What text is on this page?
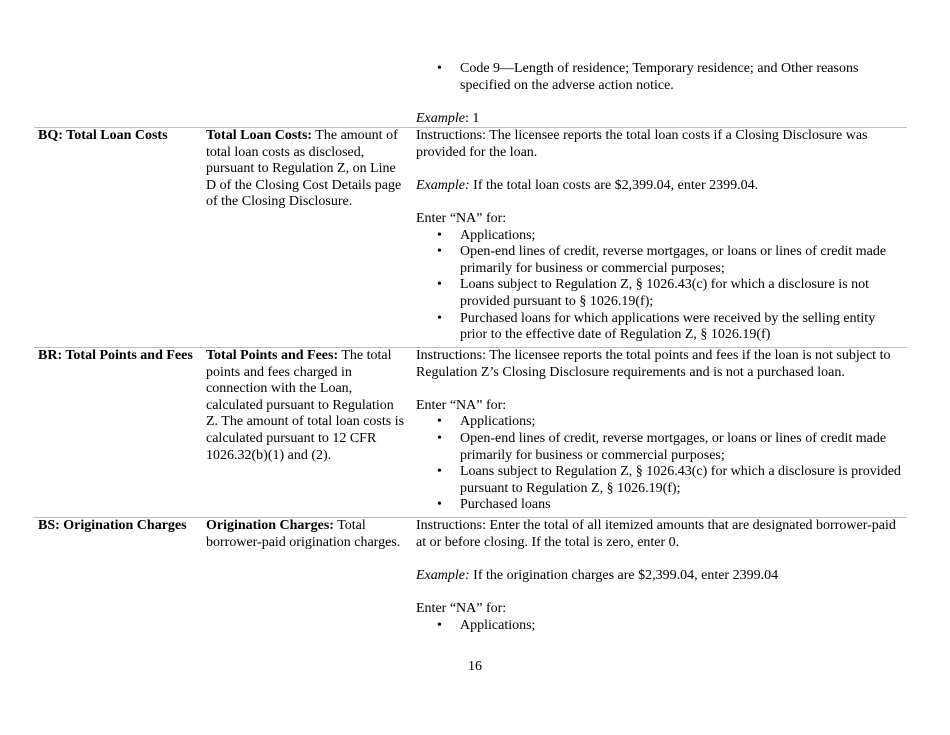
• Code 9—Length of residence; Temporary residence; and Other reasons specified on the adverse action notice.

Example: 1

BQ: Total Loan Costs	Total Loan Costs: The amount of total loan costs as disclosed, pursuant to Regulation Z, on Line D of the Closing Cost Details page of the Closing Disclosure.

Instructions: The licensee reports the total loan costs if a Closing Disclosure was provided for the loan.

Example: If the total loan costs are $2,399.04, enter 2399.04.

Enter “NA” for:

• Applications;
• Open-end lines of credit, reverse mortgages, or loans or lines of credit made primarily for business or commercial purposes;
• Loans subject to Regulation Z, § 1026.43(c) for which a disclosure is not provided pursuant to § 1026.19(f);
• Purchased loans for which applications were received by the selling entity prior to the effective date of Regulation Z, § 1026.19(f)
BR: Total Points and Fees Total Points and Fees: The total points and fees charged in connection with the Loan, calculated pursuant to Regulation Z. The amount of total loan costs is calculated pursuant to 12 CFR 1026.32(b)(1) and (2).

Instructions: The licensee reports the total points and fees if the loan is not subject to Regulation Z’s Closing Disclosure requirements and is not a purchased loan.

Enter “NA” for:

• Applications;
• Open-end lines of credit, reverse mortgages, or loans or lines of credit made primarily for business or commercial purposes;
• Loans subject to Regulation Z, § 1026.43(c) for which a disclosure is provided pursuant to Regulation Z, § 1026.19(f);
• Purchased loans
BS: Origination Charges	Origination Charges: Total borrower-paid origination charges.

Instructions: Enter the total of all itemized amounts that are designated borrower-paid at or before closing. If the total is zero, enter 0.

Example: If the origination charges are $2,399.04, enter 2399.04

Enter “NA” for:

• Applications;
16
